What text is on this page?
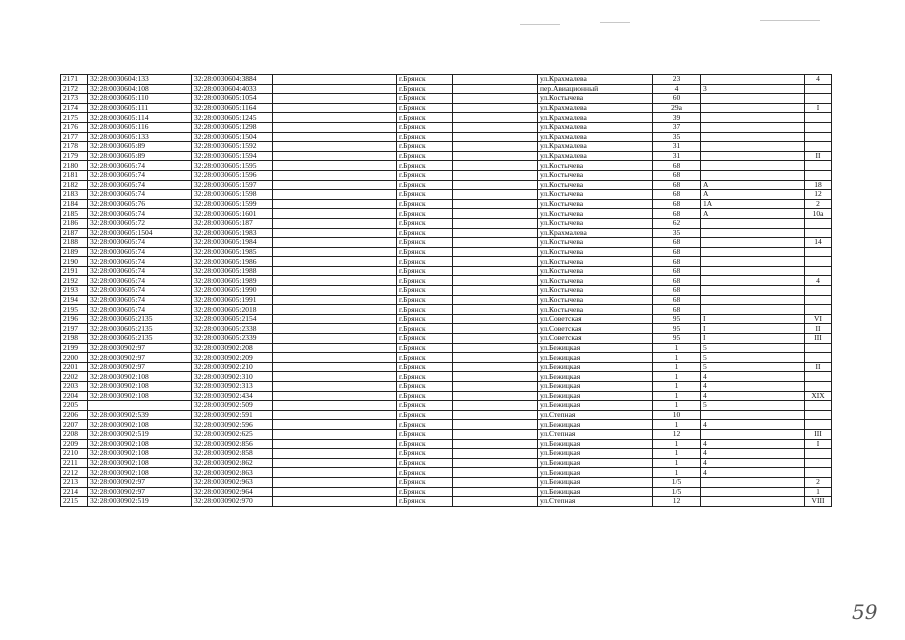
2171	32:28:0030604:133	32:28:0030604:3884		г.Брянск		ул.Крахмалева	23		4
2172	32:28:0030604:108	32:28:0030604:4033		г.Брянск		пер.Авиационный	4	3	
2173	32:28:0030605:110	32:28:0030605:1054		г.Брянск		ул.Костычева	60		
2174	32:28:0030605:111	32:28:0030605:1164		г.Брянск		ул.Крахмалева	29а		I
2175	32:28:0030605:114	32:28:0030605:1245		г.Брянск		ул.Крахмалева	39		
2176	32:28:0030605:116	32:28:0030605:1298		г.Брянск		ул.Крахмалева	37		
2177	32:28:0030605:133	32:28:0030605:1504		г.Брянск		ул.Крахмалева	35		
2178	32:28:0030605:89	32:28:0030605:1592		г.Брянск		ул.Крахмалева	31		
2179	32:28:0030605:89	32:28:0030605:1594		г.Брянск		ул.Крахмалева	31		II
2180	32:28:0030605:74	32:28:0030605:1595		г.Брянск		ул.Костычева	68		
2181	32:28:0030605:74	32:28:0030605:1596		г.Брянск		ул.Костычева	68		
2182	32:28:0030605:74	32:28:0030605:1597		г.Брянск		ул.Костычева	68	А	18
2183	32:28:0030605:74	32:28:0030605:1598		г.Брянск		ул.Костычева	68	А	12
2184	32:28:0030605:76	32:28:0030605:1599		г.Брянск		ул.Костычева	68	1А	2
2185	32:28:0030605:74	32:28:0030605:1601		г.Брянск		ул.Костычева	68	А	10а
2186	32:28:0030605:72	32:28:0030605:187		г.Брянск		ул.Костычева	62		
2187	32:28:0030605:1504	32:28:0030605:1983		г.Брянск		ул.Крахмалева	35		
2188	32:28:0030605:74	32:28:0030605:1984		г.Брянск		ул.Костычева	68		14
2189	32:28:0030605:74	32:28:0030605:1985		г.Брянск		ул.Костычева	68		
2190	32:28:0030605:74	32:28:0030605:1986		г.Брянск		ул.Костычева	68		
2191	32:28:0030605:74	32:28:0030605:1988		г.Брянск		ул.Костычева	68		
2192	32:28:0030605:74	32:28:0030605:1989		г.Брянск		ул.Костычева	68		4
2193	32:28:0030605:74	32:28:0030605:1990		г.Брянск		ул.Костычева	68		
2194	32:28:0030605:74	32:28:0030605:1991		г.Брянск		ул.Костычева	68		
2195	32:28:0030605:74	32:28:0030605:2018		г.Брянск		ул.Костычева	68		
2196	32:28:0030605:2135	32:28:0030605:2154		г.Брянск		ул.Советская	95	I	VI
2197	32:28:0030605:2135	32:28:0030605:2338		г.Брянск		ул.Советская	95	I	II
2198	32:28:0030605:2135	32:28:0030605:2339		г.Брянск		ул.Советская	95	I	III
2199	32:28:0030902:97	32:28:0030902:208		г.Брянск		ул.Бежицкая	1	5	
2200	32:28:0030902:97	32:28:0030902:209		г.Брянск		ул.Бежицкая	1	5	
2201	32:28:0030902:97	32:28:0030902:210		г.Брянск		ул.Бежицкая	1	5	II
2202	32:28:0030902:108	32:28:0030902:310		г.Брянск		ул.Бежицкая	1	4	
2203	32:28:0030902:108	32:28:0030902:313		г.Брянск		ул.Бежицкая	1	4	
2204	32:28:0030902:108	32:28:0030902:434		г.Брянск		ул.Бежицкая	1	4	XIX
2205		32:28:0030902:509		г.Брянск		ул.Бежицкая	1	5	
2206	32:28:0030902:539	32:28:0030902:591		г.Брянск		ул.Степная	10		
2207	32:28:0030902:108	32:28:0030902:596		г.Брянск		ул.Бежицкая	1	4	
2208	32:28:0030902:519	32:28:0030902:625		г.Брянск		ул.Степная	12		III
2209	32:28:0030902:108	32:28:0030902:856		г.Брянск		ул.Бежицкая	1	4	I
2210	32:28:0030902:108	32:28:0030902:858		г.Брянск		ул.Бежицкая	1	4	
2211	32:28:0030902:108	32:28:0030902:862		г.Брянск		ул.Бежицкая	1	4	
2212	32:28:0030902:108	32:28:0030902:863		г.Брянск		ул.Бежицкая	1	4	
2213	32:28:0030902:97	32:28:0030902:963		г.Брянск		ул.Бежицкая	1/5		2
2214	32:28:0030902:97	32:28:0030902:964		г.Брянск		ул.Бежицкая	1/5		1
2215	32:28:0030902:519	32:28:0030902:970		г.Брянск		ул.Степная	12		VIII
59
